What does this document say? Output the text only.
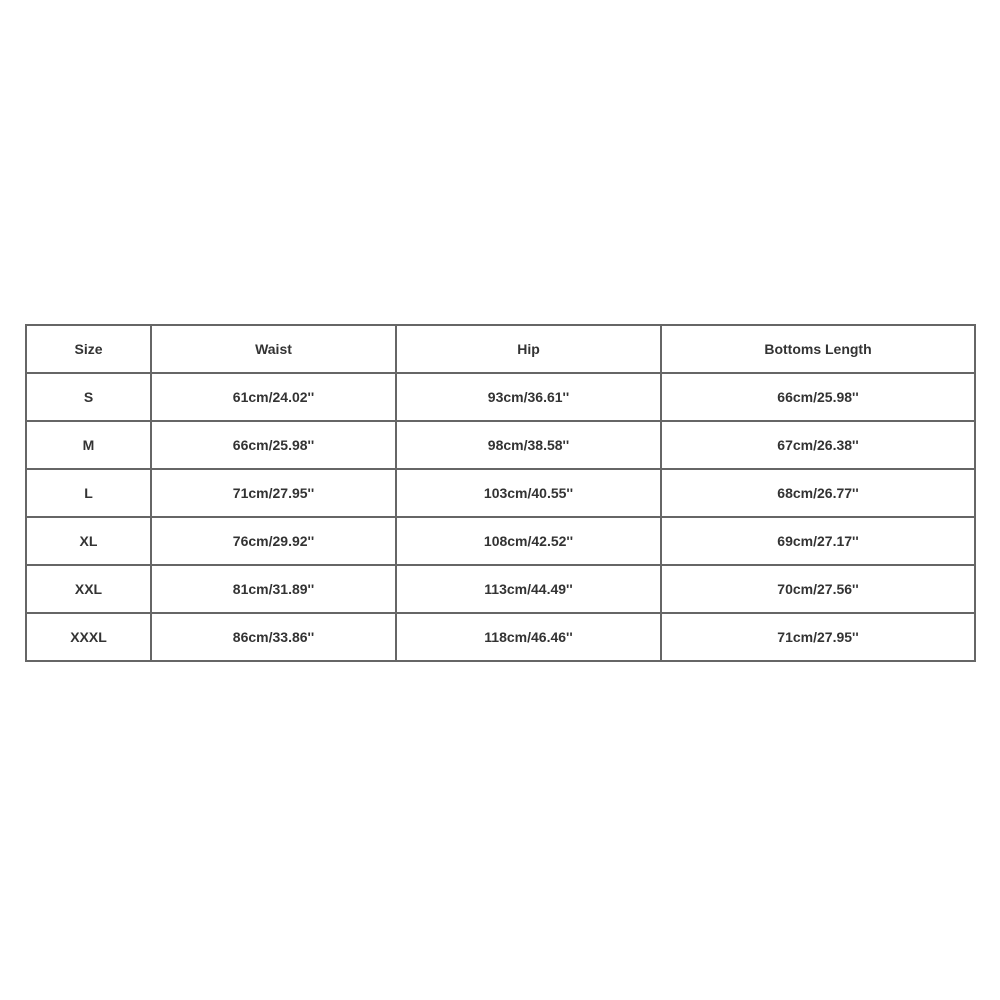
Size	Waist	Hip	Bottoms Length
S	61cm/24.02''	93cm/36.61''	66cm/25.98''
M	66cm/25.98''	98cm/38.58''	67cm/26.38''
L	71cm/27.95''	103cm/40.55''	68cm/26.77''
XL	76cm/29.92''	108cm/42.52''	69cm/27.17''
XXL	81cm/31.89''	113cm/44.49''	70cm/27.56''
XXXL	86cm/33.86''	118cm/46.46''	71cm/27.95''
